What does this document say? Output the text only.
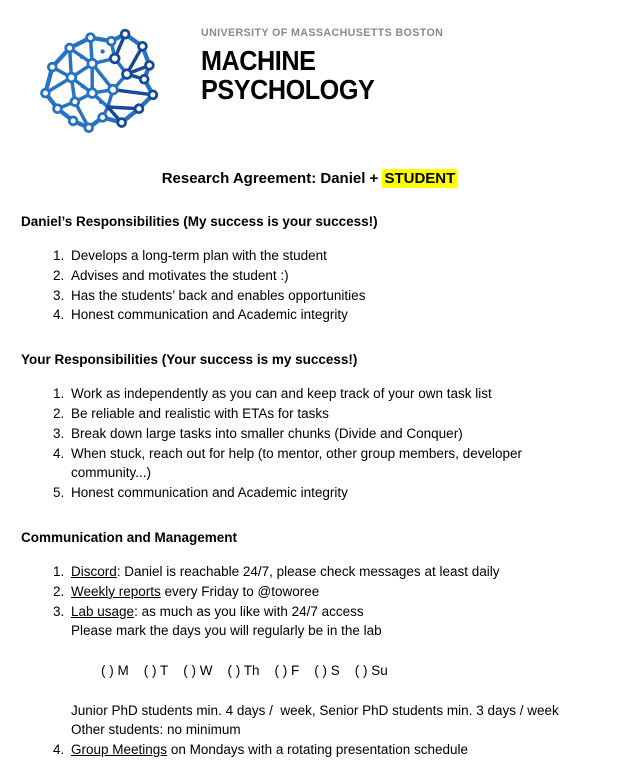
UNIVERSITY OF MASSACHUSETTS BOSTON
MACHINE
PSYCHOLOGY
Research Agreement: Daniel + STUDENT
Daniel’s Responsibilities (My success is your success!)
1. Develops a long-term plan with the student
2. Advises and motivates the student :)
3. Has the students’ back and enables opportunities
4. Honest communication and Academic integrity
Your Responsibilities (Your success is my success!)
1. Work as independently as you can and keep track of your own task list
2. Be reliable and realistic with ETAs for tasks
3. Break down large tasks into smaller chunks (Divide and Conquer)
4. When stuck, reach out for help (to mentor, other group members, developer community...)
5. Honest communication and Academic integrity
Communication and Management
1. Discord: Daniel is reachable 24/7, please check messages at least daily
2. Weekly reports every Friday to @toworee
3. Lab usage: as much as you like with 24/7 access
Please mark the days you will regularly be in the lab

( ) M ( ) T ( ) W ( ) Th ( ) F ( ) S ( ) Su

Junior PhD students min. 4 days /  week, Senior PhD students min. 3 days / week
Other students: no minimum
4. Group Meetings on Mondays with a rotating presentation schedule
